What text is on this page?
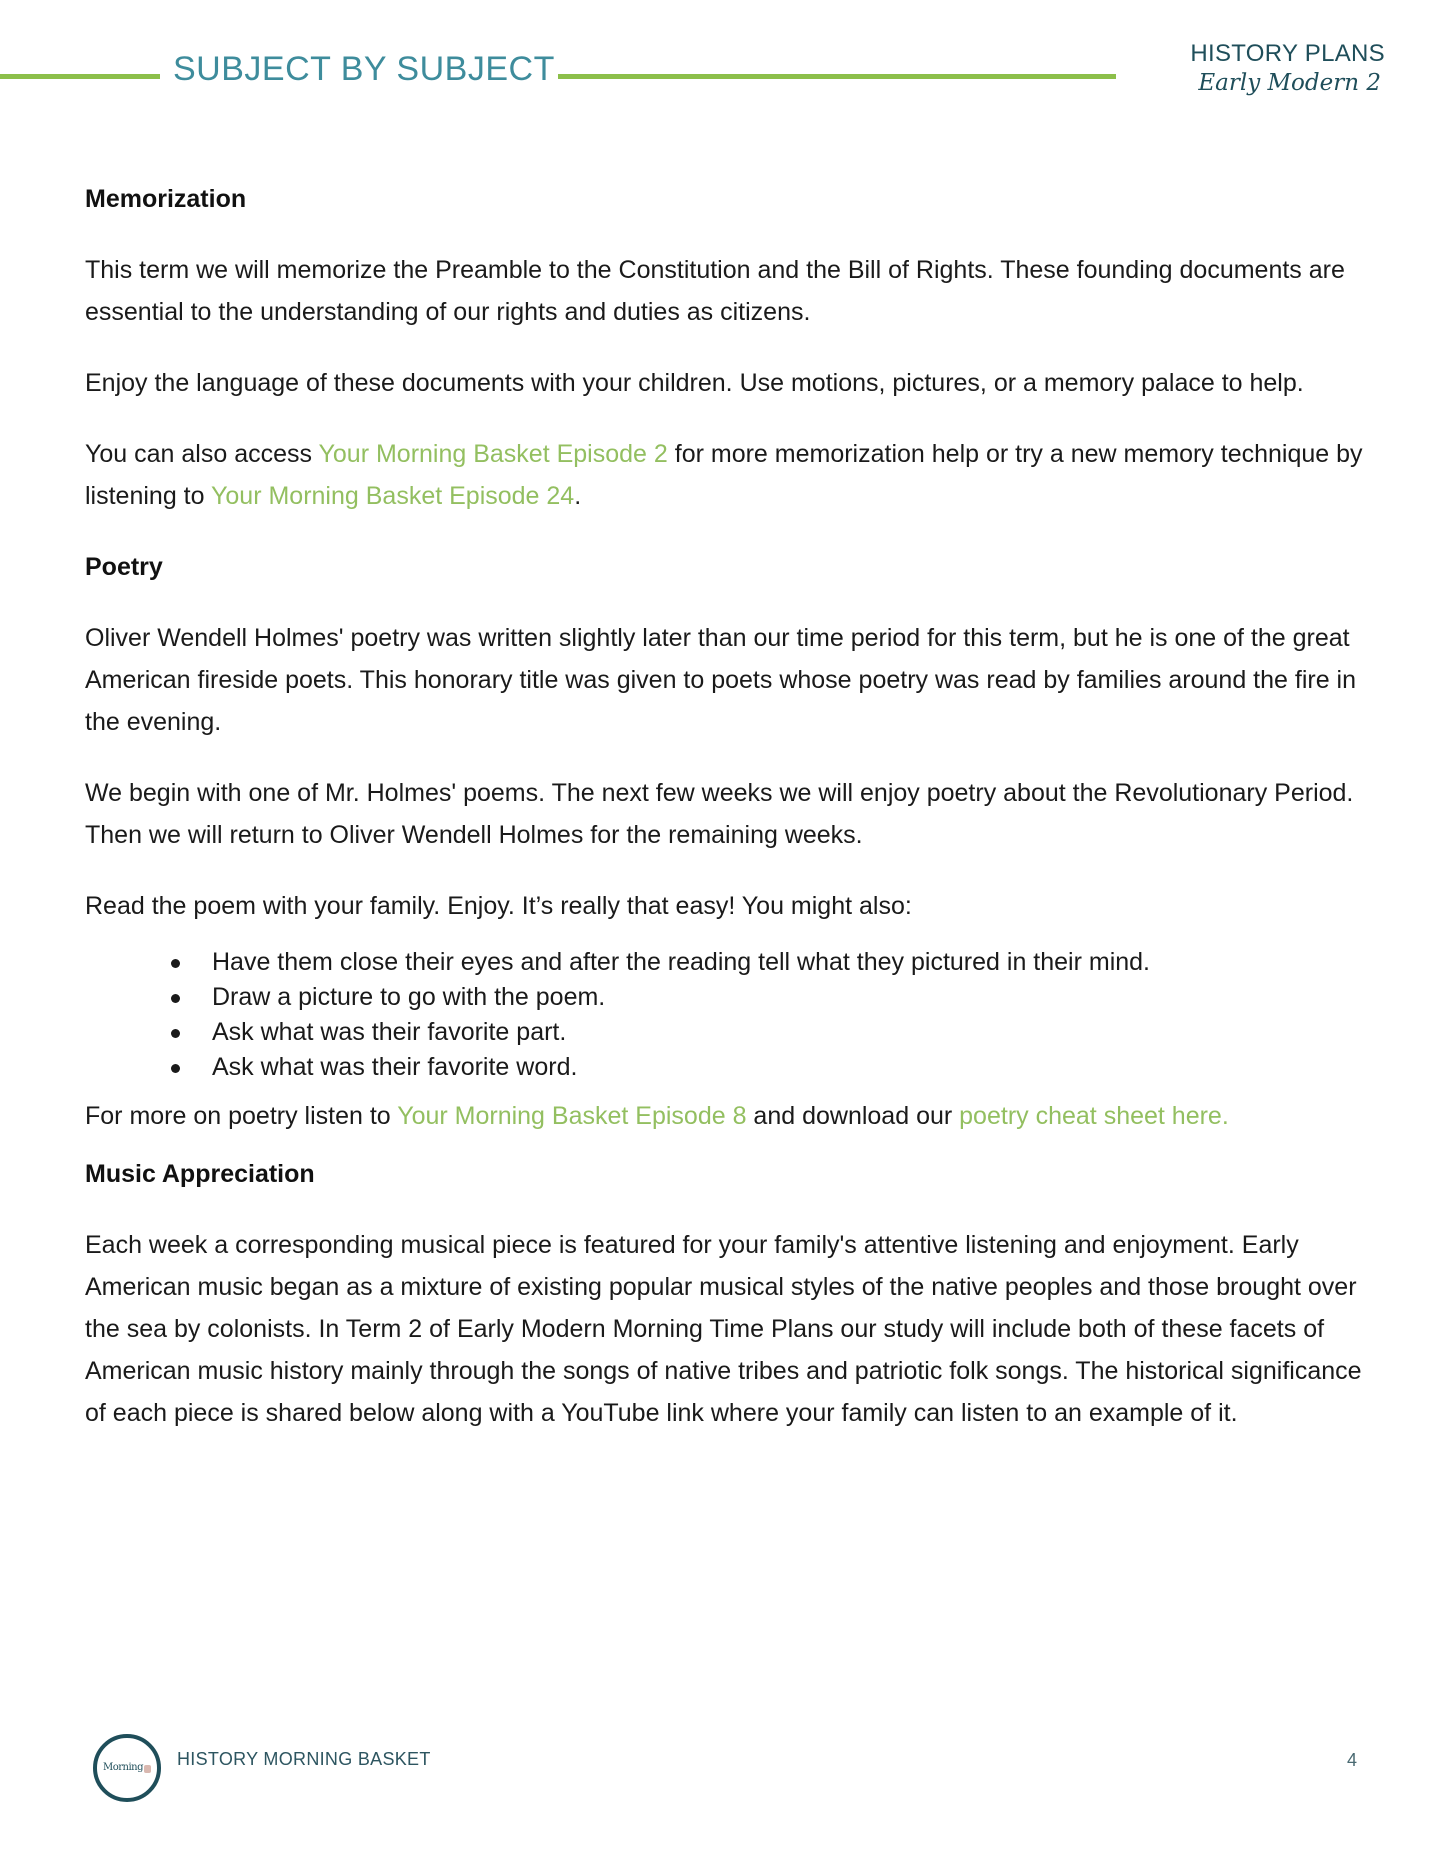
SUBJECT BY SUBJECT	HISTORY PLANS
Early Modern 2
Memorization

This term we will memorize the Preamble to the Constitution and the Bill of Rights. These founding documents are essential to the understanding of our rights and duties as citizens.

Enjoy the language of these documents with your children. Use motions, pictures, or a memory palace to help.

You can also access Your Morning Basket Episode 2 for more memorization help or try a new memory technique by listening to Your Morning Basket Episode 24.

Poetry

Oliver Wendell Holmes' poetry was written slightly later than our time period for this term, but he is one of the great American fireside poets. This honorary title was given to poets whose poetry was read by families around the fire in the evening.

We begin with one of Mr. Holmes' poems. The next few weeks we will enjoy poetry about the Revolutionary Period. Then we will return to Oliver Wendell Holmes for the remaining weeks.

Read the poem with your family. Enjoy. It’s really that easy! You might also:

Have them close their eyes and after the reading tell what they pictured in their mind.
Draw a picture to go with the poem.
Ask what was their favorite part.
Ask what was their favorite word.

For more on poetry listen to Your Morning Basket Episode 8 and download our poetry cheat sheet here.

Music Appreciation

Each week a corresponding musical piece is featured for your family's attentive listening and enjoyment. Early American music began as a mixture of existing popular musical styles of the native peoples and those brought over the sea by colonists. In Term 2 of Early Modern Morning Time Plans our study will include both of these facets of American music history mainly through the songs of native tribes and patriotic folk songs. The historical significance of each piece is shared below along with a YouTube link where your family can listen to an example of it.

Morning HISTORY MORNING BASKET	4
